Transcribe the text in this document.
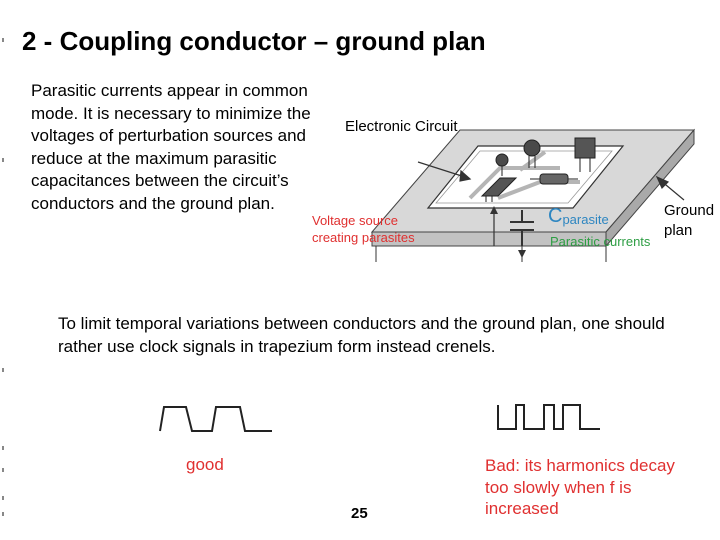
2 - Coupling conductor – ground plan
Parasitic currents appear in common mode. It is necessary to minimize the voltages of perturbation sources and reduce at the maximum parasitic capacitances between the circuit’s conductors and the ground plan.
Electronic Circuit
Voltage source
creating parasites
$C_{parasite}$
Parasitic currents
Ground
plan
To limit temporal variations between conductors and the ground plan, one should rather use clock signals in trapezium form instead crenels.
good	Bad: its harmonics decay too slowly when f is increased
25
